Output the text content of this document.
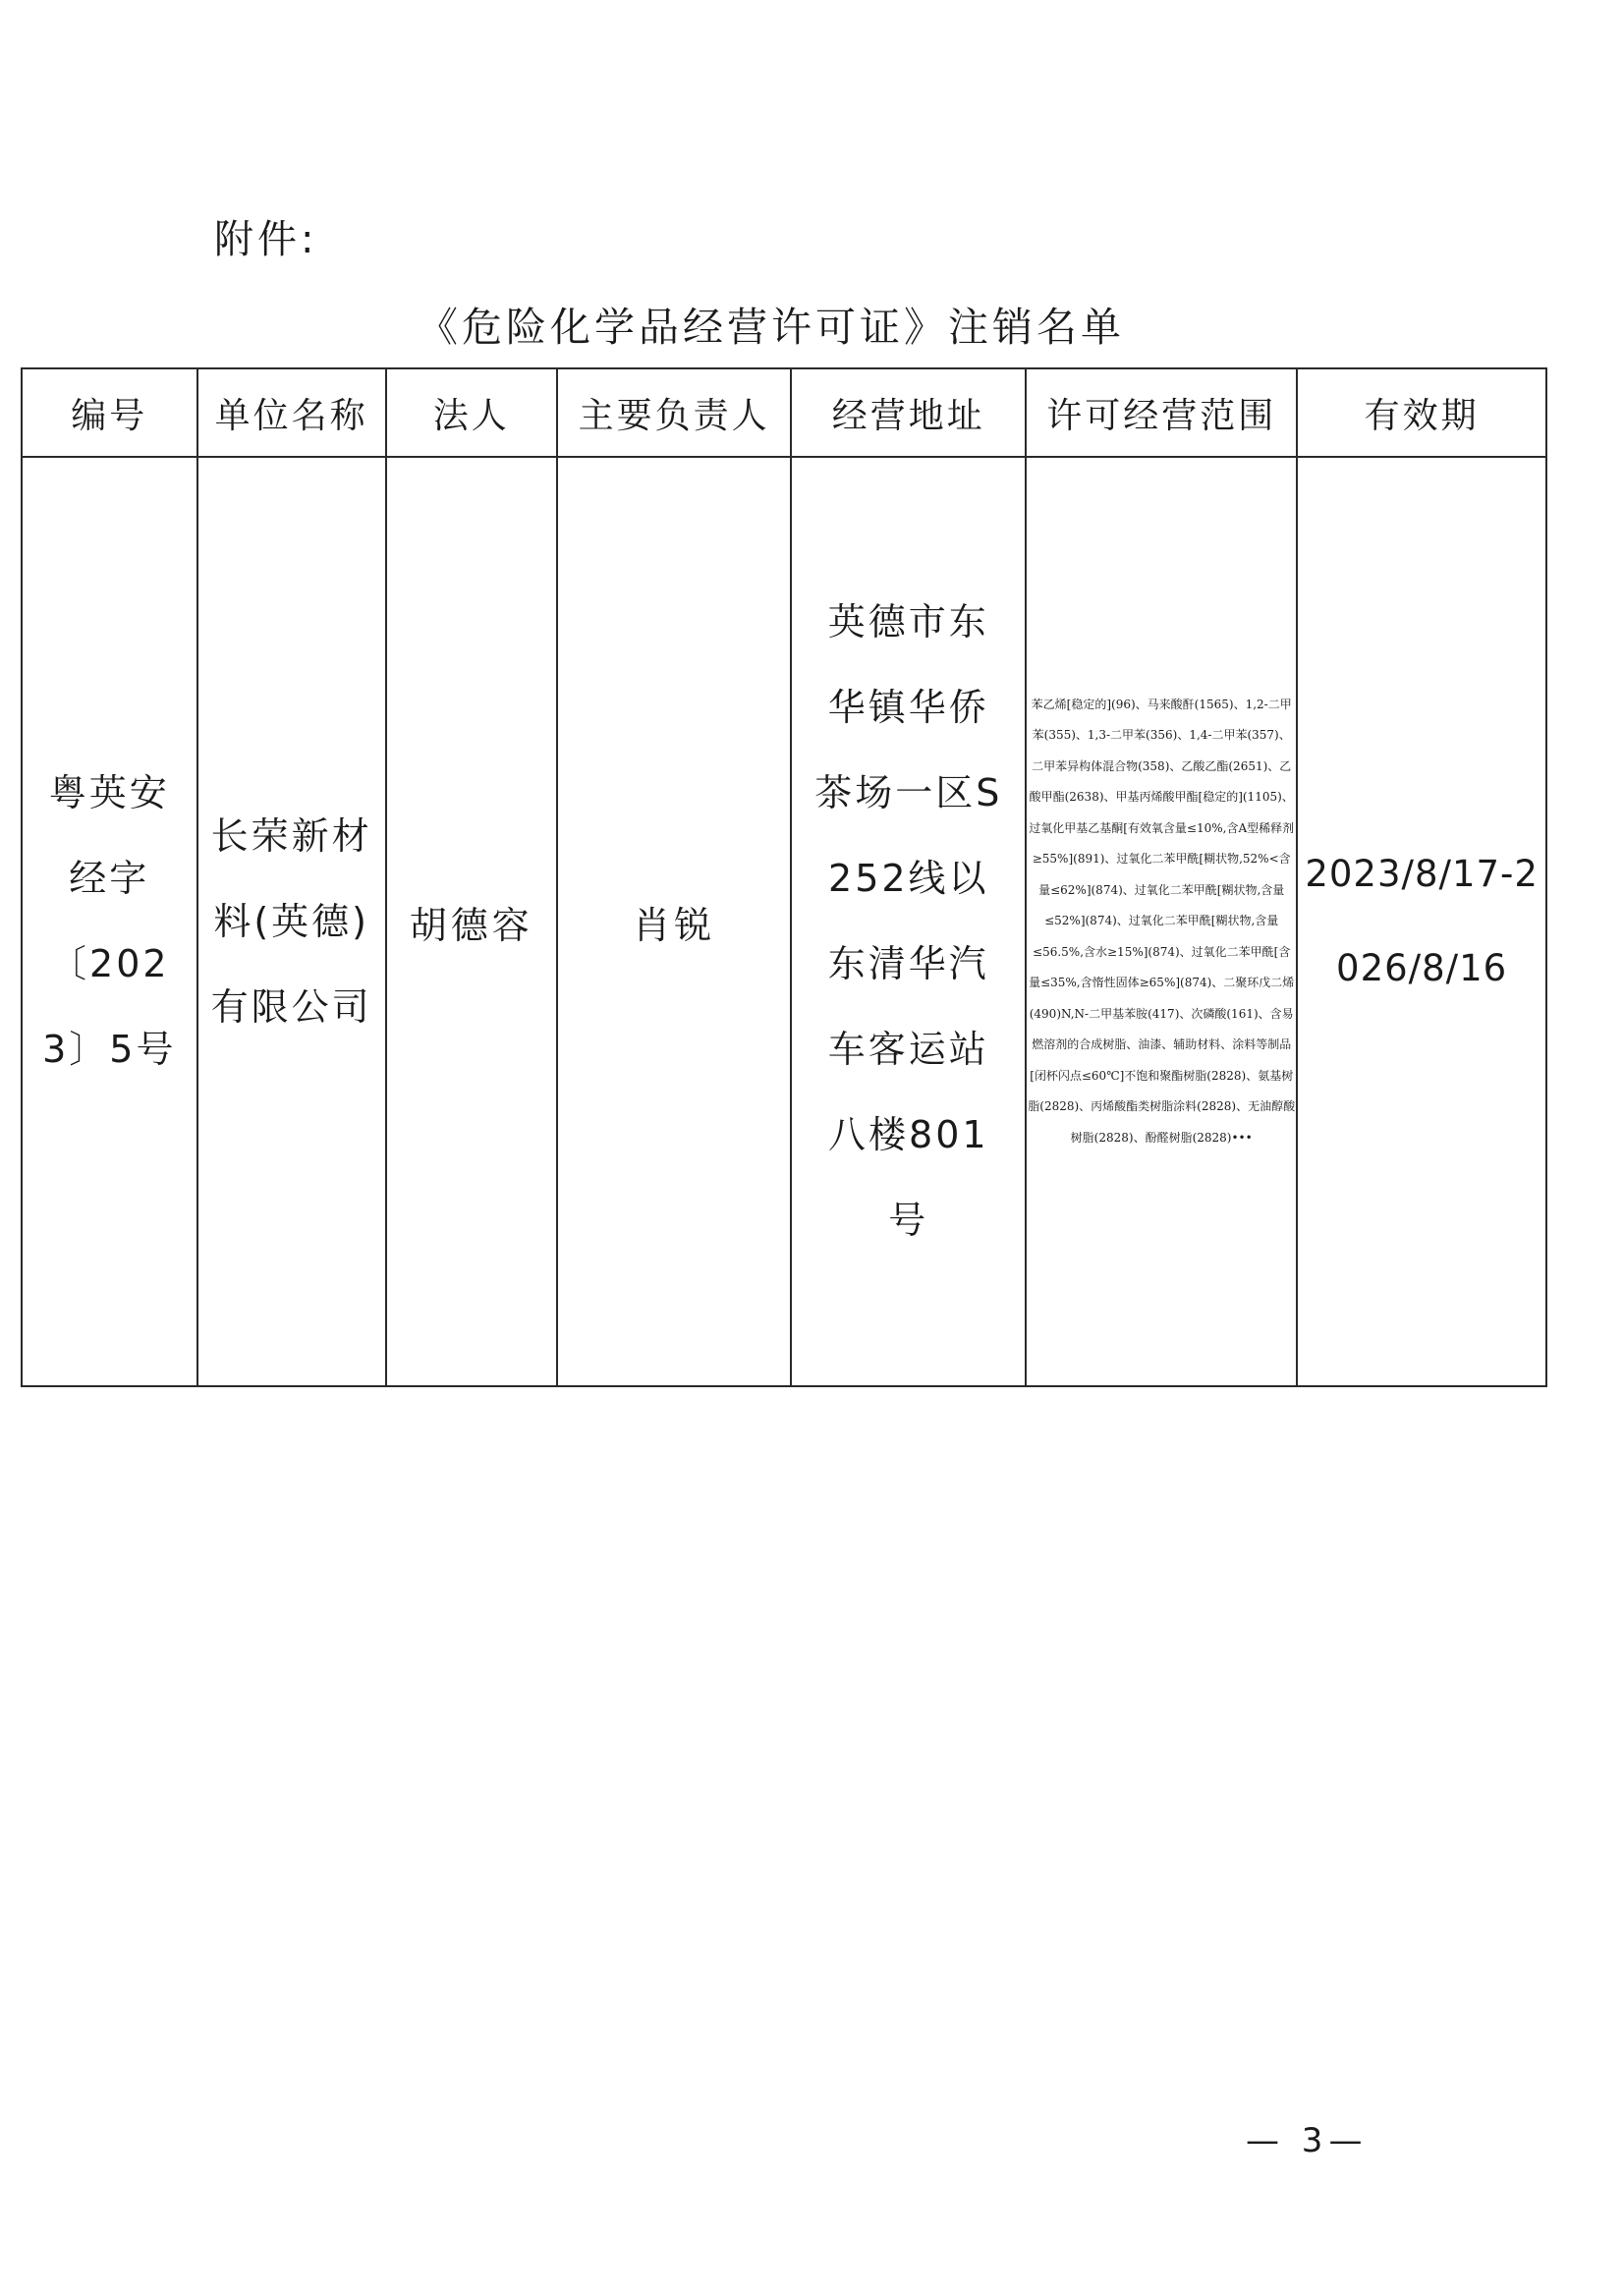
附件:
《危险化学品经营许可证》注销名单
编号	单位名称	法人	主要负责人	经营地址	许可经营范围	有效期
粤英安经字〔2023〕5号	长荣新材料(英德)有限公司	胡德容	肖锐	英德市东华镇华侨茶场一区S252线以东清华汽车客运站八楼801号	苯乙烯[稳定的](96)、马来酸酐(1565)、1,2-二甲苯(355)、1,3-二甲苯(356)、1,4-二甲苯(357)、二甲苯异构体混合物(358)、乙酸乙酯(2651)、乙酸甲酯(2638)、甲基丙烯酸甲酯[稳定的](1105)、过氧化甲基乙基酮[有效氧含量≤10%,含A型稀释剂≥55%](891)、过氧化二苯甲酰[糊状物,52%<含量≤62%](874)、过氧化二苯甲酰[糊状物,含量≤52%](874)、过氧化二苯甲酰[糊状物,含量≤56.5%,含水≥15%](874)、过氧化二苯甲酰[含量≤35%,含惰性固体≥65%](874)、二聚环戊二烯(490)N,N-二甲基苯胺(417)、次磷酸(161)、含易燃溶剂的合成树脂、油漆、辅助材料、涂料等制品[闭杯闪点≤60℃]不饱和聚酯树脂(2828)、氨基树脂(2828)、丙烯酸酯类树脂涂料(2828)、无油醇酸树脂(2828)、酚醛树脂(2828)•••	2023/8/17-2026/8/16
— 3—
